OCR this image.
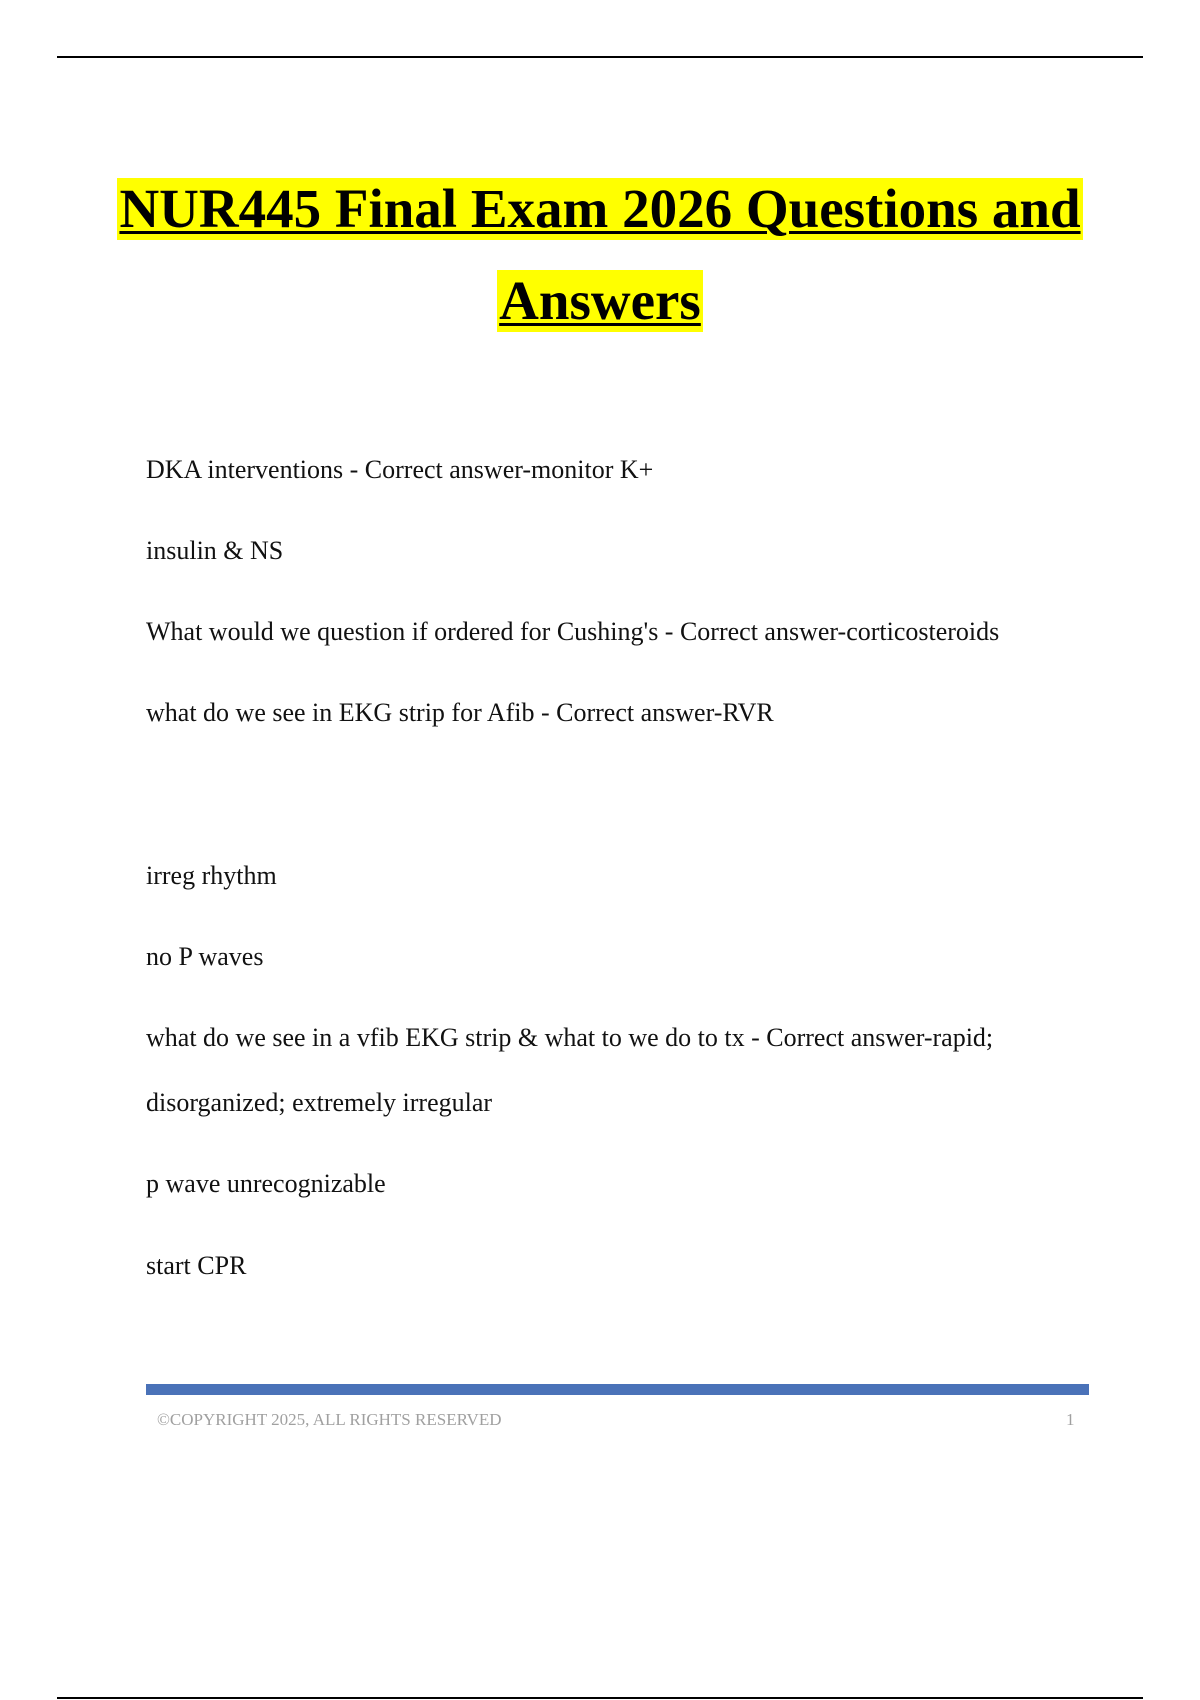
NUR445 Final Exam 2026 Questions and
Answers
DKA interventions - Correct answer-monitor K+
insulin & NS
What would we question if ordered for Cushing's - Correct answer-corticosteroids
what do we see in EKG strip for Afib - Correct answer-RVR
irreg rhythm
no P waves
what do we see in a vfib EKG strip & what to we do to tx - Correct answer-rapid;
disorganized; extremely irregular
p wave unrecognizable
start CPR
©COPYRIGHT 2025, ALL RIGHTS RESERVED	1
